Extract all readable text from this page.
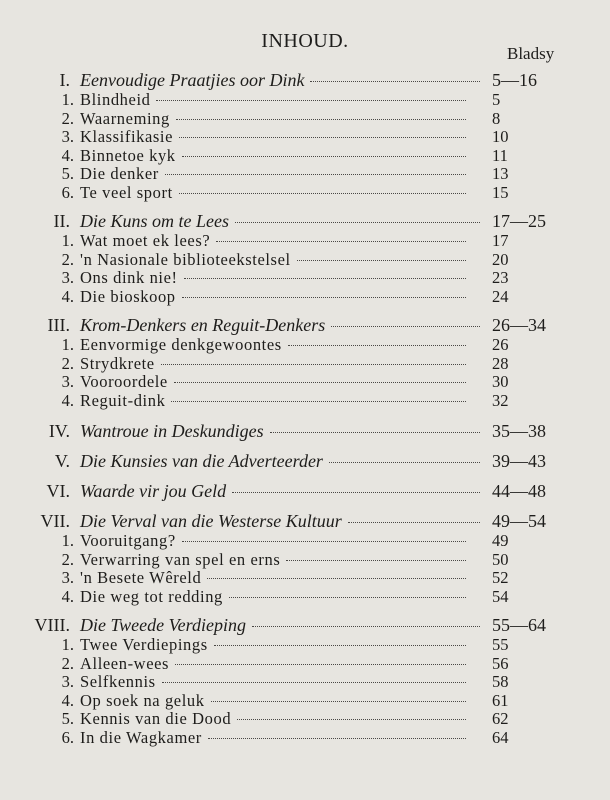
INHOUD.
Bladsy
I. Eenvoudige Praatjies oor Dink	5—16
1. Blindheid	5
2. Waarneming	8
3. Klassifikasie	10
4. Binnetoe kyk	11
5. Die denker	13
6. Te veel sport	15
II. Die Kuns om te Lees	17—25
1. Wat moet ek lees?	17
2. 'n Nasionale biblioteekstelsel	20
3. Ons dink nie!	23
4. Die bioskoop	24
III. Krom-Denkers en Reguit-Denkers	26—34
1. Eenvormige denkgewoontes	26
2. Strydkrete	28
3. Vooroordele	30
4. Reguit-dink	32
IV. Wantroue in Deskundiges	35—38
V. Die Kunsies van die Adverteerder	39—43
VI. Waarde vir jou Geld	44—48
VII. Die Verval van die Westerse Kultuur	49—54
1. Vooruitgang?	49
2. Verwarring van spel en erns	50
3. 'n Besete Wêreld	52
4. Die weg tot redding	54
VIII. Die Tweede Verdieping	55—64
1. Twee Verdiepings	55
2. Alleen-wees	56
3. Selfkennis	58
4. Op soek na geluk	61
5. Kennis van die Dood	62
6. In die Wagkamer	64
